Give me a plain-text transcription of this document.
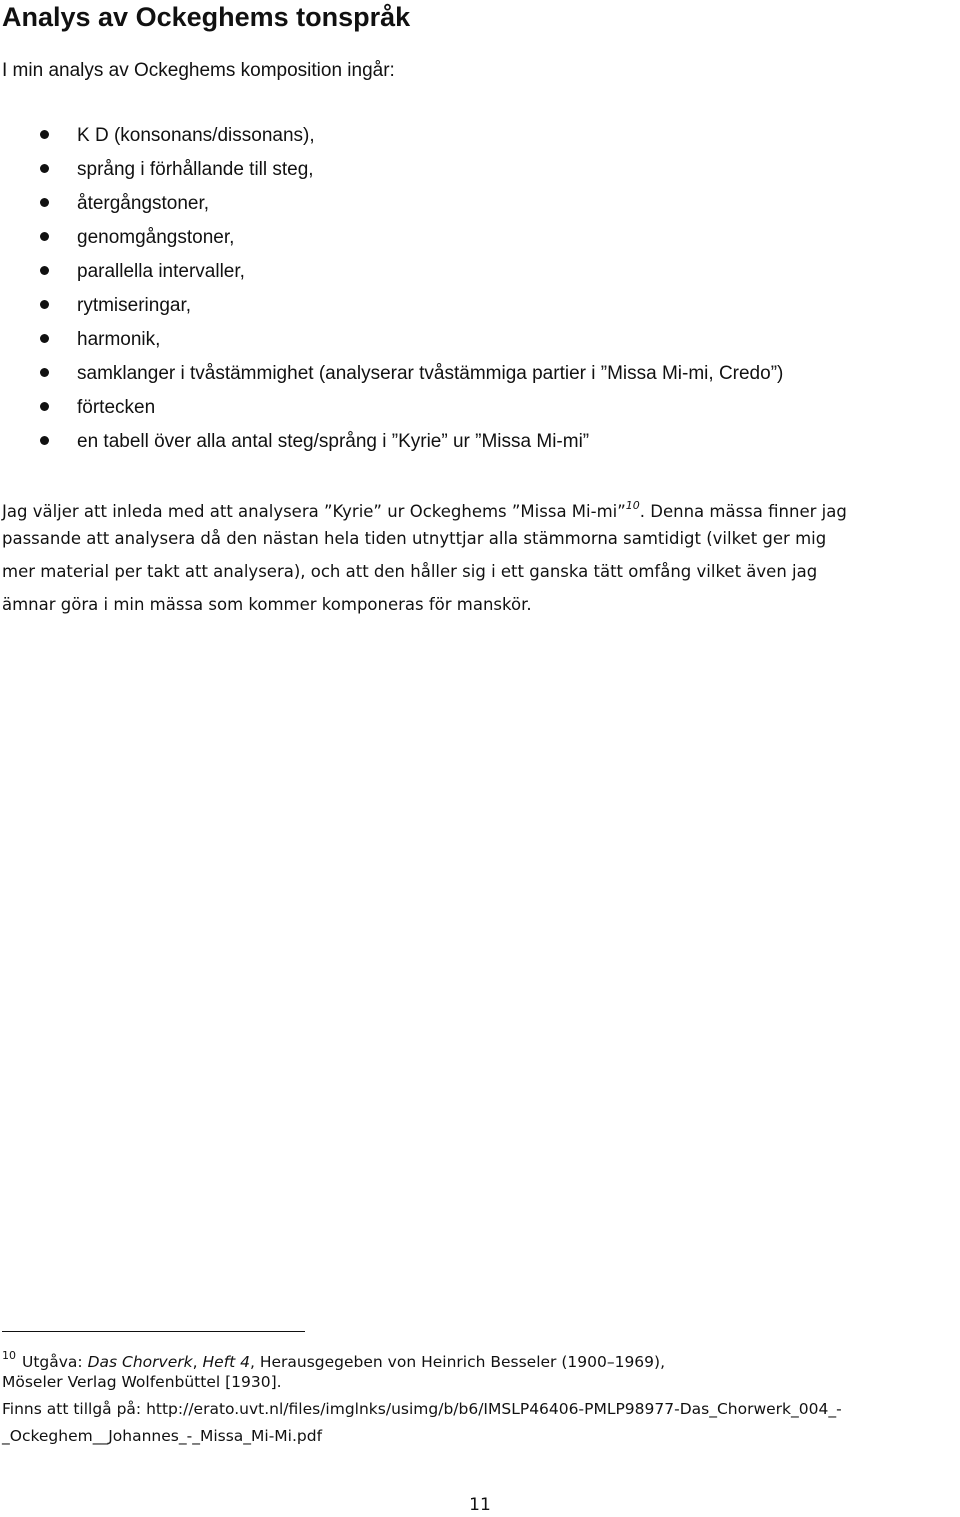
Analys av Ockeghems tonspråk

I min analys av Ockeghems komposition ingår:

K D (konsonans/dissonans),
språng i förhållande till steg,
återgångstoner,
genomgångstoner,
parallella intervaller,
rytmiseringar,
harmonik,
samklanger i tvåstämmighet (analyserar tvåstämmiga partier i ”Missa Mi-mi, Credo”)
förtecken
en tabell över alla antal steg/språng i ”Kyrie” ur ”Missa Mi-mi”
Jag väljer att inleda med att analysera ”Kyrie” ur Ockeghems ”Missa Mi-mi”$^{10}$. Denna mässa finner jag
passande att analysera då den nästan hela tiden utnyttjar alla stämmorna samtidigt (vilket ger mig
mer material per takt att analysera), och att den håller sig i ett ganska tätt omfång vilket även jag
ämnar göra i min mässa som kommer komponeras för manskör.
$^{10}$ Utgåva: Das Chorverk, Heft 4, Herausgegeben von Heinrich Besseler (1900–1969),
Möseler Verlag Wolfenbüttel [1930].
Finns att tillgå på: http://erato.uvt.nl/files/imglnks/usimg/b/b6/IMSLP46406-PMLP98977-Das_Chorwerk_004_-
_Ockeghem__Johannes_-_Missa_Mi-Mi.pdf
11
